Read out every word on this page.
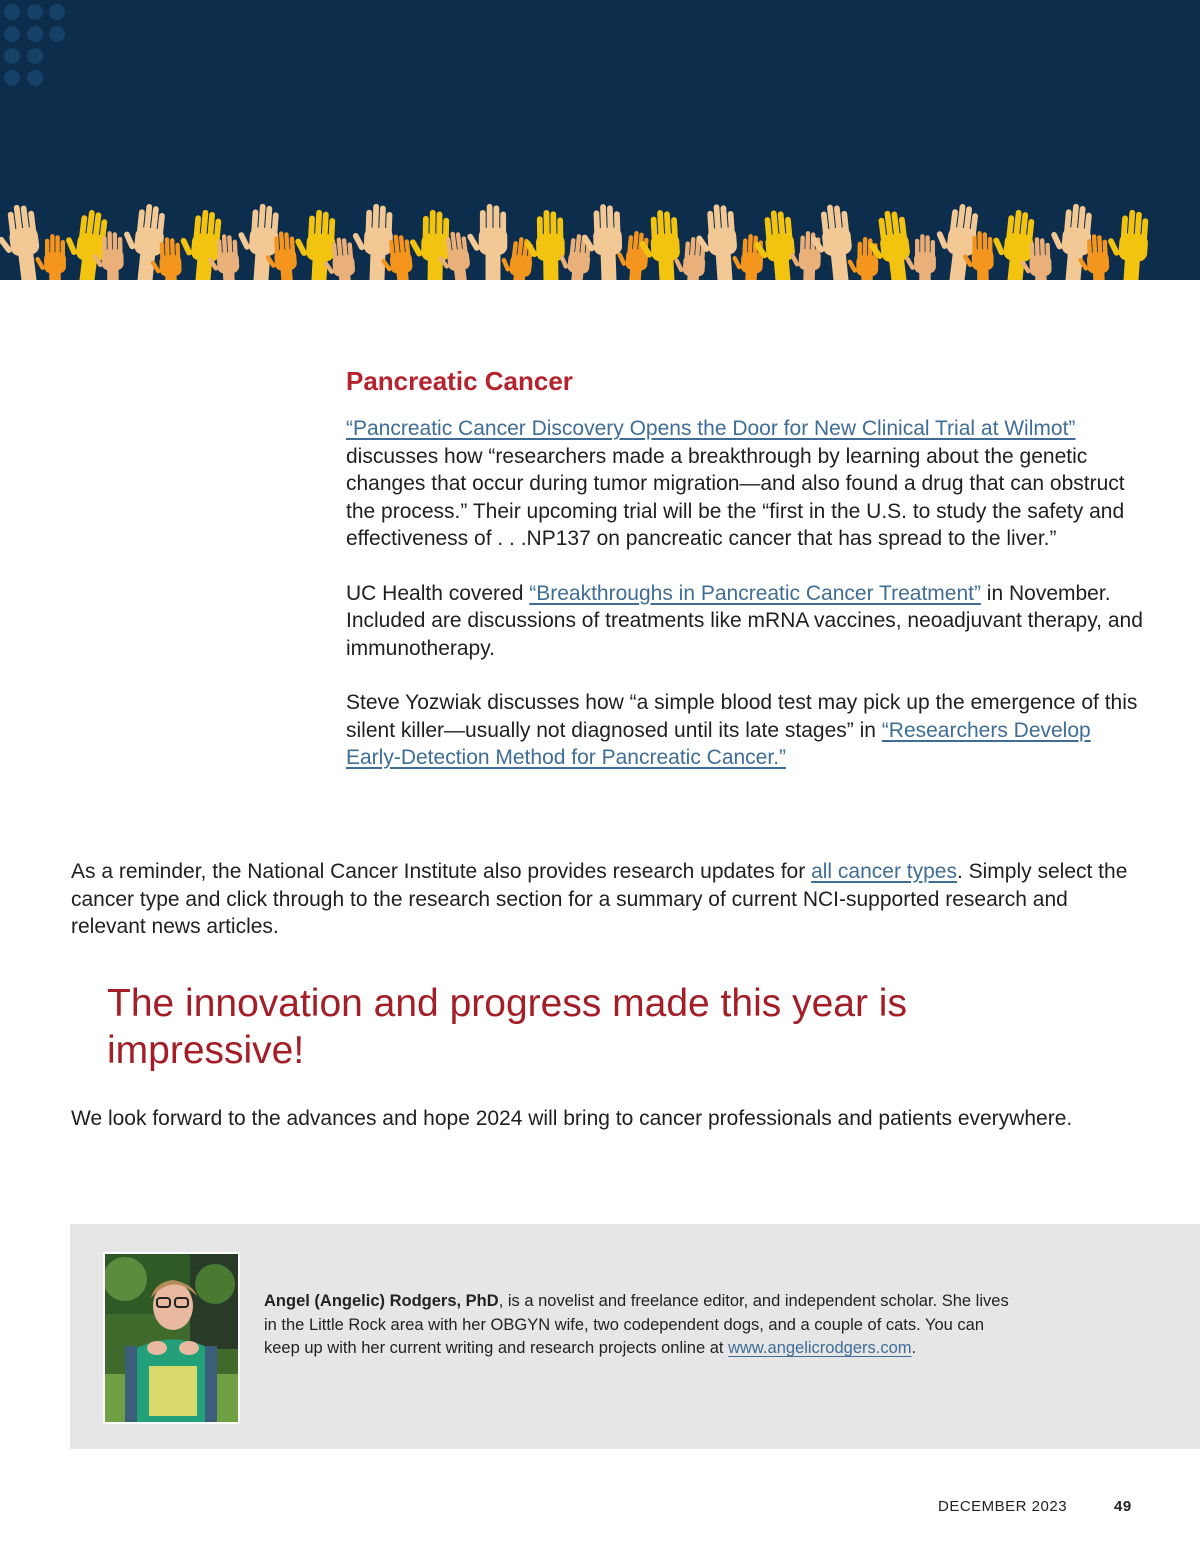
Pancreatic Cancer

“Pancreatic Cancer Discovery Opens the Door for New Clinical Trial at Wilmot” discusses how “researchers made a breakthrough by learning about the genetic changes that occur during tumor migration—and also found a drug that can obstruct the process.” Their upcoming trial will be the “first in the U.S. to study the safety and effectiveness of . . .NP137 on pancreatic cancer that has spread to the liver.”

UC Health covered “Breakthroughs in Pancreatic Cancer Treatment” in November. Included are discussions of treatments like mRNA vaccines, neoadjuvant therapy, and immunotherapy.

Steve Yozwiak discusses how “a simple blood test may pick up the emergence of this silent killer—usually not diagnosed until its late stages” in “Researchers Develop Early-Detection Method for Pancreatic Cancer.”

As a reminder, the National Cancer Institute also provides research updates for all cancer types. Simply select the cancer type and click through to the research section for a summary of current NCI-supported research and relevant news articles.

The innovation and progress made this year is impressive!

We look forward to the advances and hope 2024 will bring to cancer professionals and patients everywhere.

Angel (Angelic) Rodgers, PhD, is a novelist and freelance editor, and independent scholar. She lives in the Little Rock area with her OBGYN wife, two codependent dogs, and a couple of cats. You can keep up with her current writing and research projects online at www.angelicrodgers.com.

DECEMBER 2023	49
